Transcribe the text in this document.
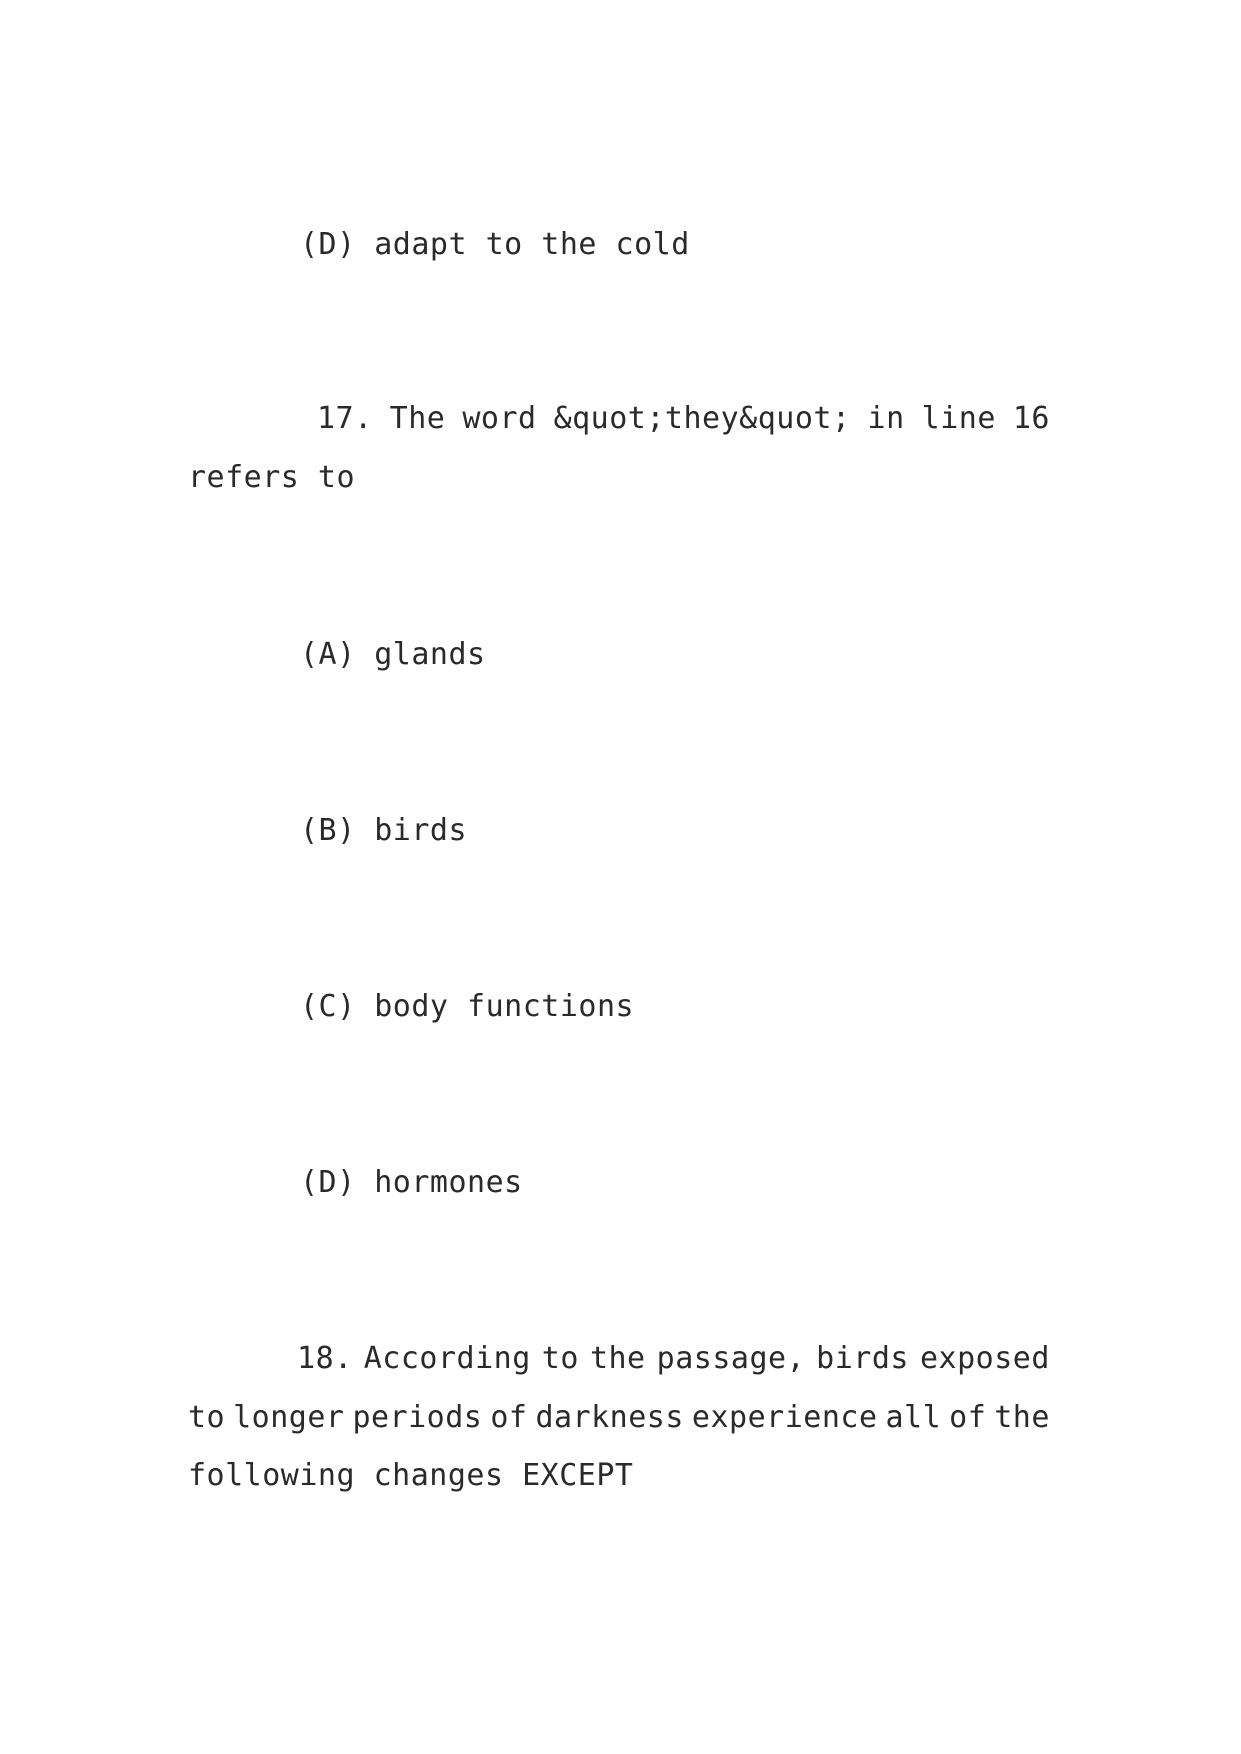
(D) adapt to the cold
17. The word &quot;they&quot; in line 16
refers to
(A) glands
(B) birds
(C) body functions
(D) hormones
18. According to the passage, birds exposed
to longer periods of darkness experience all of the
following changes EXCEPT
